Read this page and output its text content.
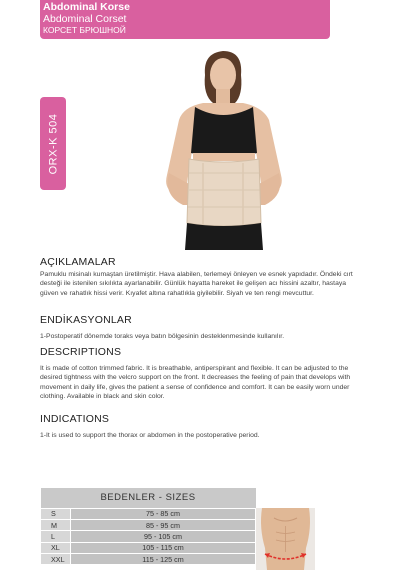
Abdominal Korse
Abdominal Corset
КОРСЕТ БРЮШНОЙ
ORX-K 504
AÇIKLAMALAR
Pamuklu misinalı kumaştan üretilmiştir. Hava alabilen, terlemeyi önleyen ve esnek yapıdadır. Öndeki cırt desteği ile istenilen sıkılıkta ayarlanabilir. Günlük hayatta hareket ile gelişen acı hissini azaltır, hastaya güven ve rahatlık hissi verir. Kıyafet altına rahatlıkla giyilebilir. Siyah ve ten rengi mevcuttur.
ENDİKASYONLAR
1-Postoperatif dönemde toraks veya batın bölgesinin desteklenmesinde kullanılır.
DESCRIPTIONS
It is made of cotton trimmed fabric. It is breathable, antiperspirant and flexible. It can be adjusted to the desired tightness with the velcro support on the front. It decreases the feeling of pain that develops with movement in daily life, gives the patient a sense of confidence and comfort. It can be easily worn under clothing. Available in black and skin color.
INDICATIONS
1-It is used to support the thorax or abdomen in the postoperative period.
BEDENLER - SIZES	
S	75 - 85 cm
M	85 - 95 cm
L	95 - 105 cm
XL	105 - 115 cm
XXL	115 - 125 cm
